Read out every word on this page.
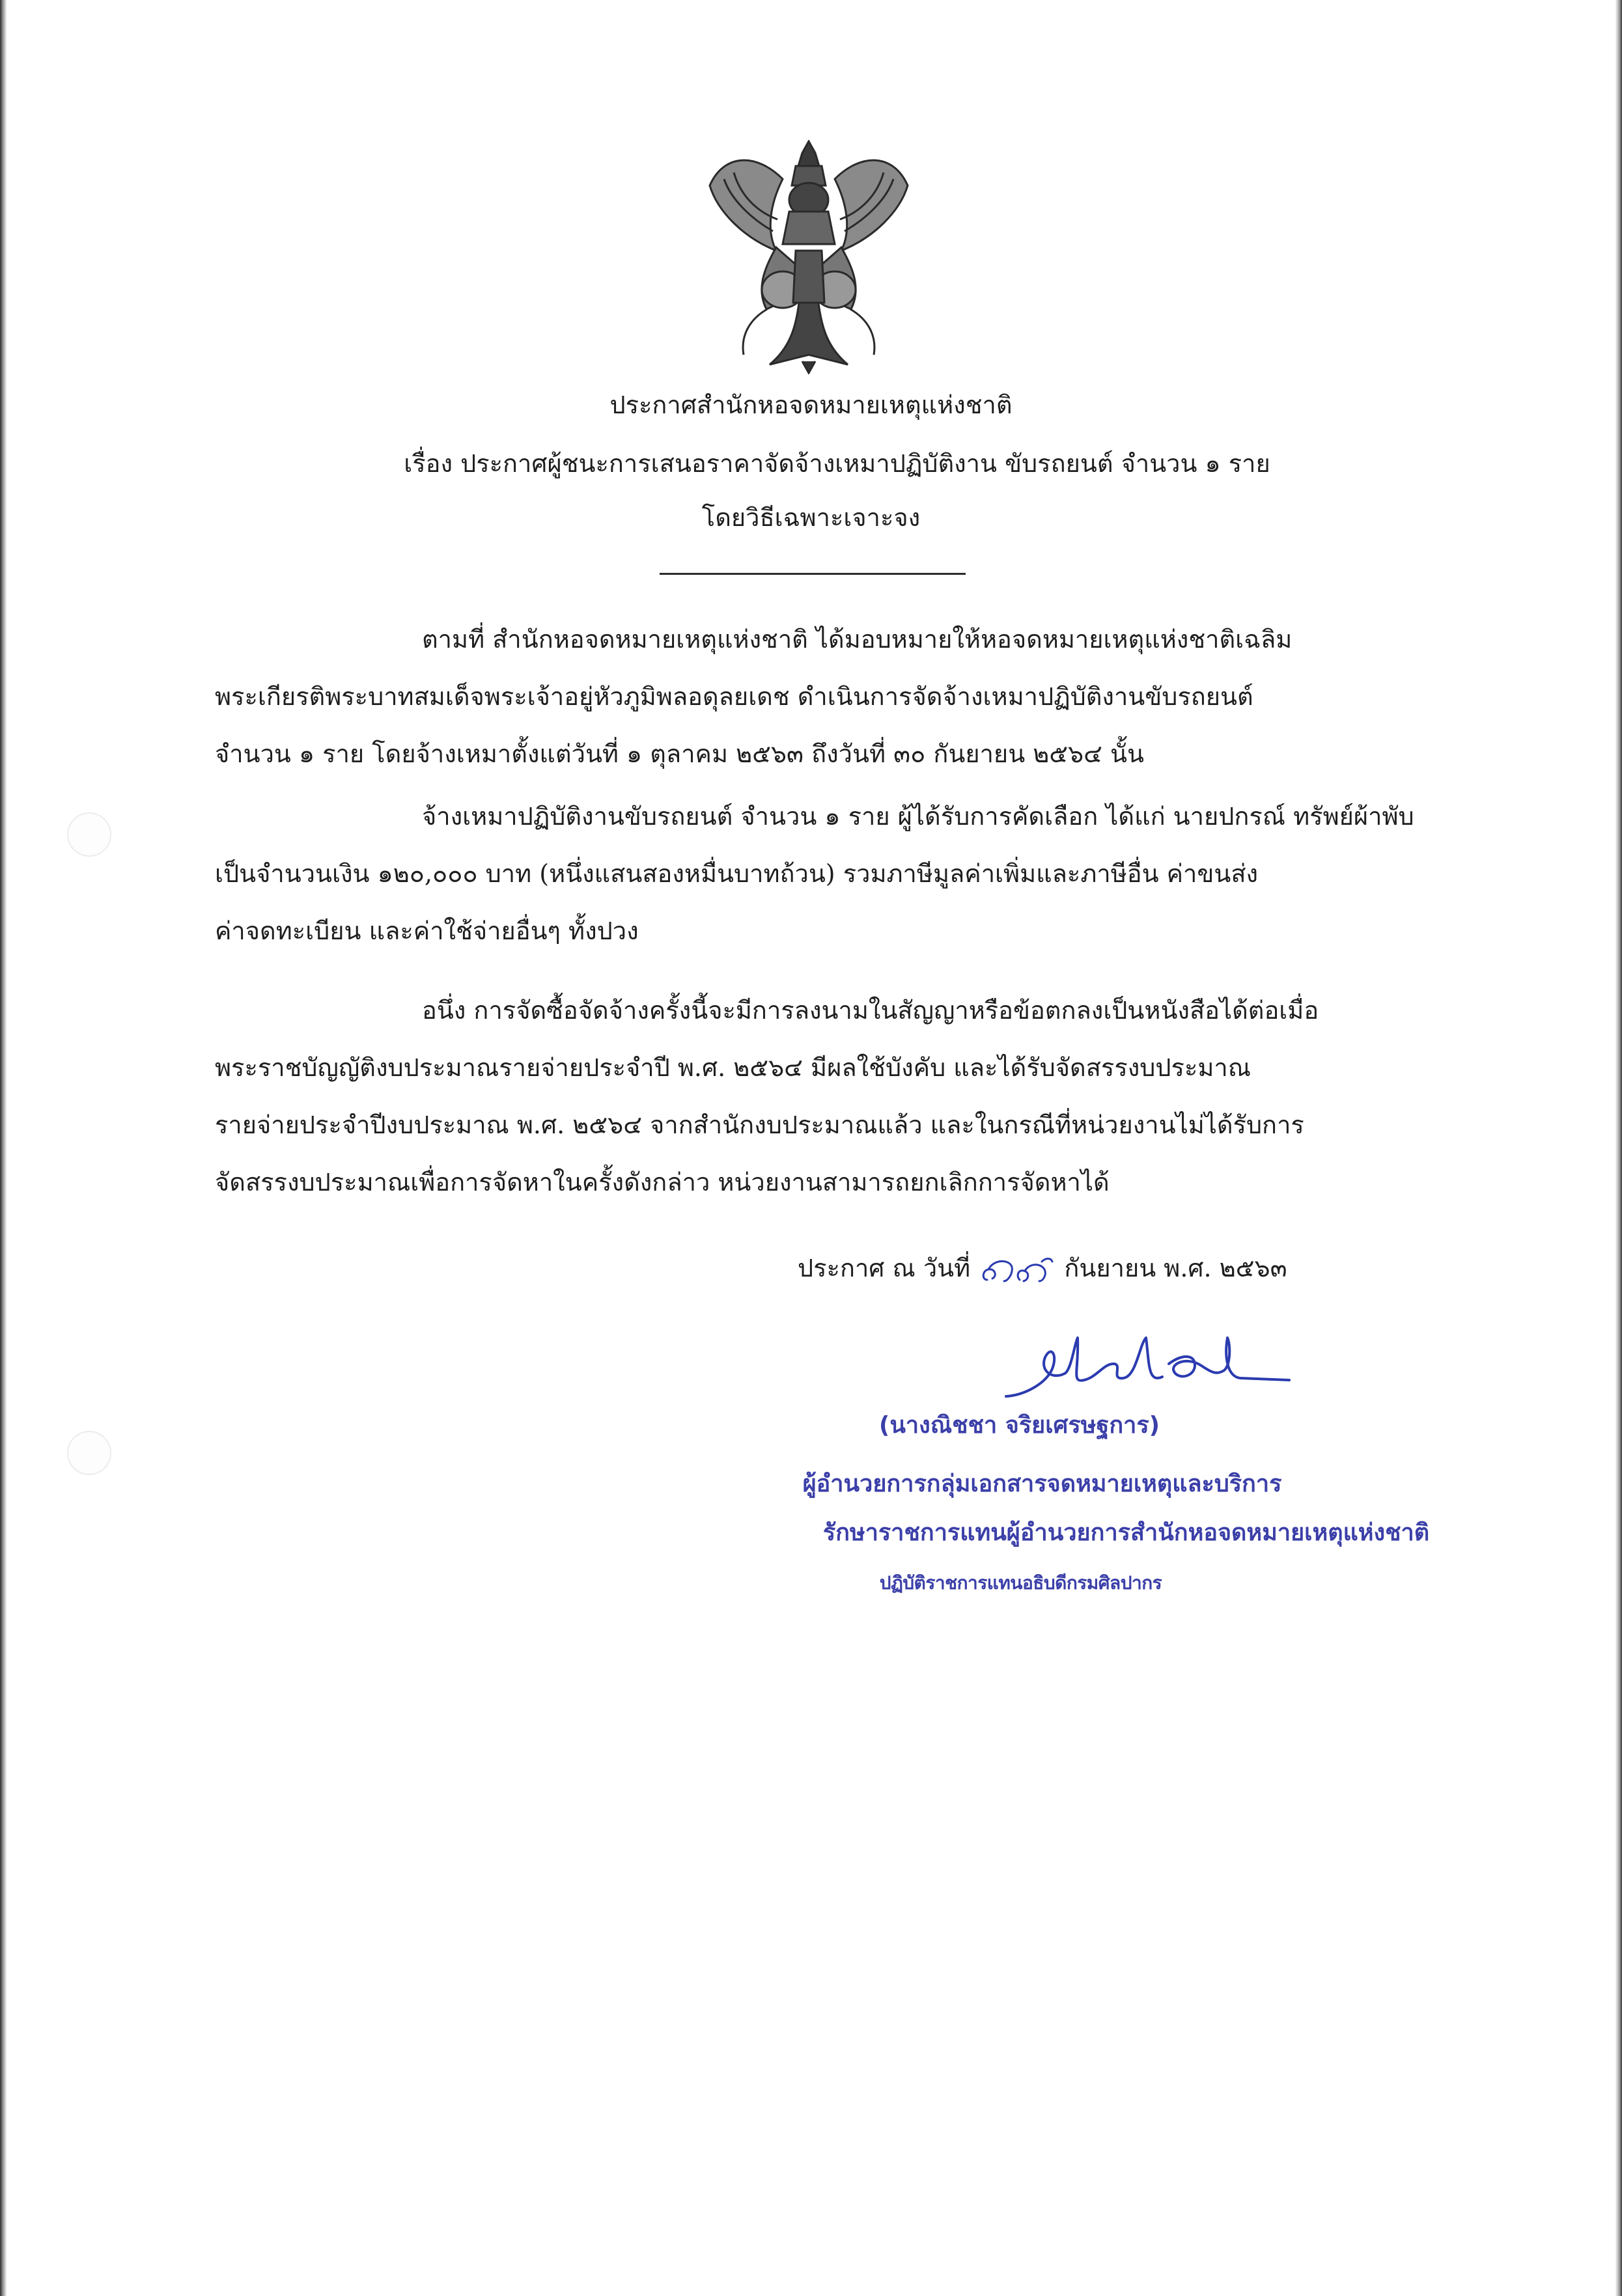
ประกาศสำนักหอจดหมายเหตุแห่งชาติ
เรื่อง ประกาศผู้ชนะการเสนอราคาจัดจ้างเหมาปฏิบัติงาน ขับรถยนต์ จำนวน ๑ ราย
โดยวิธีเฉพาะเจาะจง
ตามที่ สำนักหอจดหมายเหตุแห่งชาติ ได้มอบหมายให้หอจดหมายเหตุแห่งชาติเฉลิม
พระเกียรติพระบาทสมเด็จพระเจ้าอยู่หัวภูมิพลอดุลยเดช ดำเนินการจัดจ้างเหมาปฏิบัติงานขับรถยนต์
จำนวน ๑ ราย โดยจ้างเหมาตั้งแต่วันที่ ๑ ตุลาคม ๒๕๖๓ ถึงวันที่ ๓๐ กันยายน ๒๕๖๔ นั้น
จ้างเหมาปฏิบัติงานขับรถยนต์ จำนวน ๑ ราย ผู้ได้รับการคัดเลือก ได้แก่ นายปกรณ์ ทรัพย์ผ้าพับ
เป็นจำนวนเงิน ๑๒๐,๐๐๐ บาท (หนึ่งแสนสองหมื่นบาทถ้วน) รวมภาษีมูลค่าเพิ่มและภาษีอื่น ค่าขนส่ง
ค่าจดทะเบียน และค่าใช้จ่ายอื่นๆ ทั้งปวง
อนึ่ง การจัดซื้อจัดจ้างครั้งนี้จะมีการลงนามในสัญญาหรือข้อตกลงเป็นหนังสือได้ต่อเมื่อ
พระราชบัญญัติงบประมาณรายจ่ายประจำปี พ.ศ. ๒๕๖๔ มีผลใช้บังคับ และได้รับจัดสรรงบประมาณ
รายจ่ายประจำปีงบประมาณ พ.ศ. ๒๕๖๔ จากสำนักงบประมาณแล้ว และในกรณีที่หน่วยงานไม่ได้รับการ
จัดสรรงบประมาณเพื่อการจัดหาในครั้งดังกล่าว หน่วยงานสามารถยกเลิกการจัดหาได้
ประกาศ ณ วันที่	กันยายน พ.ศ. ๒๕๖๓
(นางณิชชา จริยเศรษฐการ)
ผู้อำนวยการกลุ่มเอกสารจดหมายเหตุและบริการ
รักษาราชการแทนผู้อำนวยการสำนักหอจดหมายเหตุแห่งชาติ
ปฏิบัติราชการแทนอธิบดีกรมศิลปากร
